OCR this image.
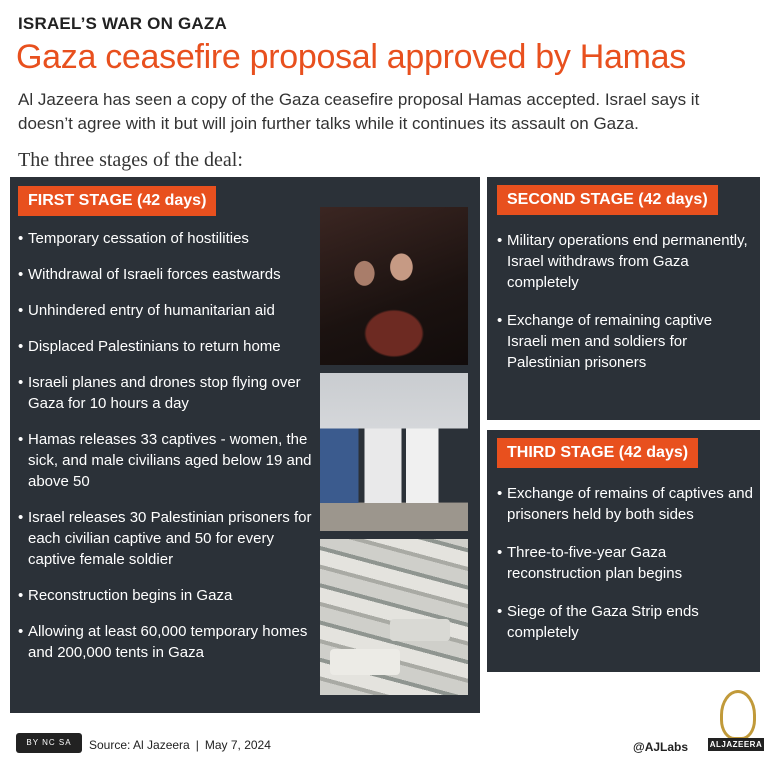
ISRAEL’S WAR ON GAZA
Gaza ceasefire proposal approved by Hamas
Al Jazeera has seen a copy of the Gaza ceasefire proposal Hamas accepted. Israel says it doesn’t agree with it but will join further talks while it continues its assault on Gaza.
The three stages of the deal:
FIRST STAGE (42 days)
• Temporary cessation of hostilities
• Withdrawal of Israeli forces eastwards
• Unhindered entry of humanitarian aid
• Displaced Palestinians to return home
• Israeli planes and drones stop flying over Gaza for 10 hours a day
• Hamas releases 33 captives - women, the sick, and male civilians aged below 19 and above 50
• Israel releases 30 Palestinian prisoners for each civilian captive and 50 for every captive female soldier
• Reconstruction begins in Gaza
• Allowing at least 60,000 temporary homes and 200,000 tents in Gaza
SECOND STAGE (42 days)
• Military operations end permanently, Israel withdraws from Gaza completely
• Exchange of remaining captive Israeli men and soldiers for Palestinian prisoners
THIRD STAGE (42 days)
• Exchange of remains of captives and prisoners held by both sides
• Three-to-five-year Gaza reconstruction plan begins
• Siege of the Gaza Strip ends completely
BY NC SA	Source: Al Jazeera | May 7, 2024	@AJLabs	ALJAZEERA
